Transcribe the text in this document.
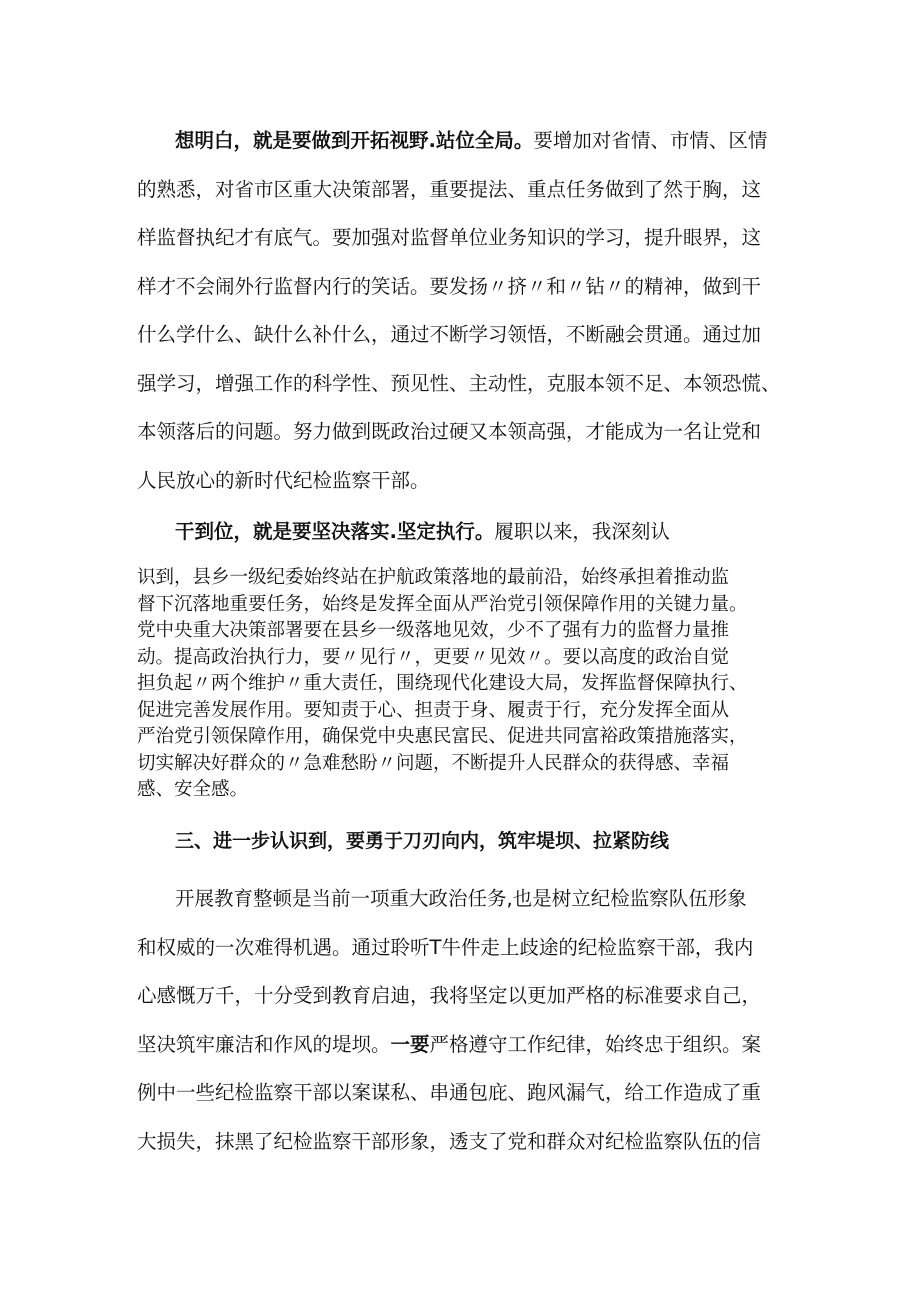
想明白，就是要做到开拓视野.站位全局。要增加对省情、市情、区情
的熟悉，对省市区重大决策部署，重要提法、重点任务做到了然于胸，这
样监督执纪才有底气。要加强对监督单位业务知识的学习，提升眼界，这
样才不会闹外行监督内行的笑话。要发扬〃挤〃和〃钻〃的精神，做到干
什么学什么、缺什么补什么，通过不断学习领悟，不断融会贯通。通过加
强学习，增强工作的科学性、预见性、主动性，克服本领不足、本领恐慌、
本领落后的问题。努力做到既政治过硬又本领高强，才能成为一名让党和
人民放心的新时代纪检监察干部。
干到位，就是要坚决落实.坚定执行。履职以来，我深刻认
识到，县乡一级纪委始终站在护航政策落地的最前沿，始终承担着推动监
督下沉落地重要任务，始终是发挥全面从严治党引领保障作用的关键力量。
党中央重大决策部署要在县乡一级落地见效，少不了强有力的监督力量推
动。提高政治执行力，要〃见行〃，更要〃见效〃。要以高度的政治自觉
担负起〃两个维护〃重大责任，围绕现代化建设大局，发挥监督保障执行、
促进完善发展作用。要知责于心、担责于身、履责于行，充分发挥全面从
严治党引领保障作用，确保党中央惠民富民、促进共同富裕政策措施落实，
切实解决好群众的〃急难愁盼〃问题，不断提升人民群众的获得感、幸福
感、安全感。
三、进一步认识到，要勇于刀刃向内，筑牢堤坝、拉紧防线
开展教育整顿是当前一项重大政治任务,也是树立纪检监察队伍形象
和权威的一次难得机遇。通过聆听T牛件走上歧途的纪检监察干部，我内
心感慨万千，十分受到教育启迪，我将坚定以更加严格的标准要求自己，
坚决筑牢廉洁和作风的堤坝。一要严格遵守工作纪律，始终忠于组织。案
例中一些纪检监察干部以案谋私、串通包庇、跑风漏气，给工作造成了重
大损失，抹黑了纪检监察干部形象，透支了党和群众对纪检监察队伍的信
